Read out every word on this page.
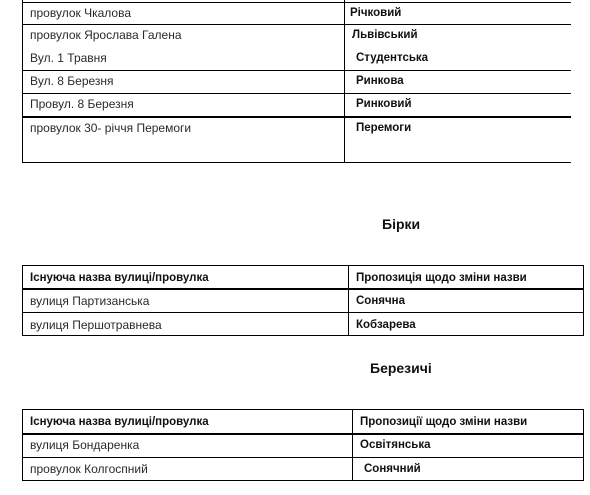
провулок Чкалова	Річковий
провулок Ярослава Галена	Львівський
Вул. 1 Травня	Студентська
Вул. 8 Березня	Ринкова
Провул. 8 Березня	Ринковий
провулок 30- річчя Перемоги	Перемоги
Бірки
Існуюча назва вулиці/провулка	Пропозиція щодо зміни назви
вулиця Партизанська	Сонячна
вулиця Першотравнева	Кобзарева
Березичі
Існуюча назва вулиці/провулка	Пропозиції щодо зміни назви
вулиця Бондаренка	Освітянська
провулок Колгоспний	Сонячний
